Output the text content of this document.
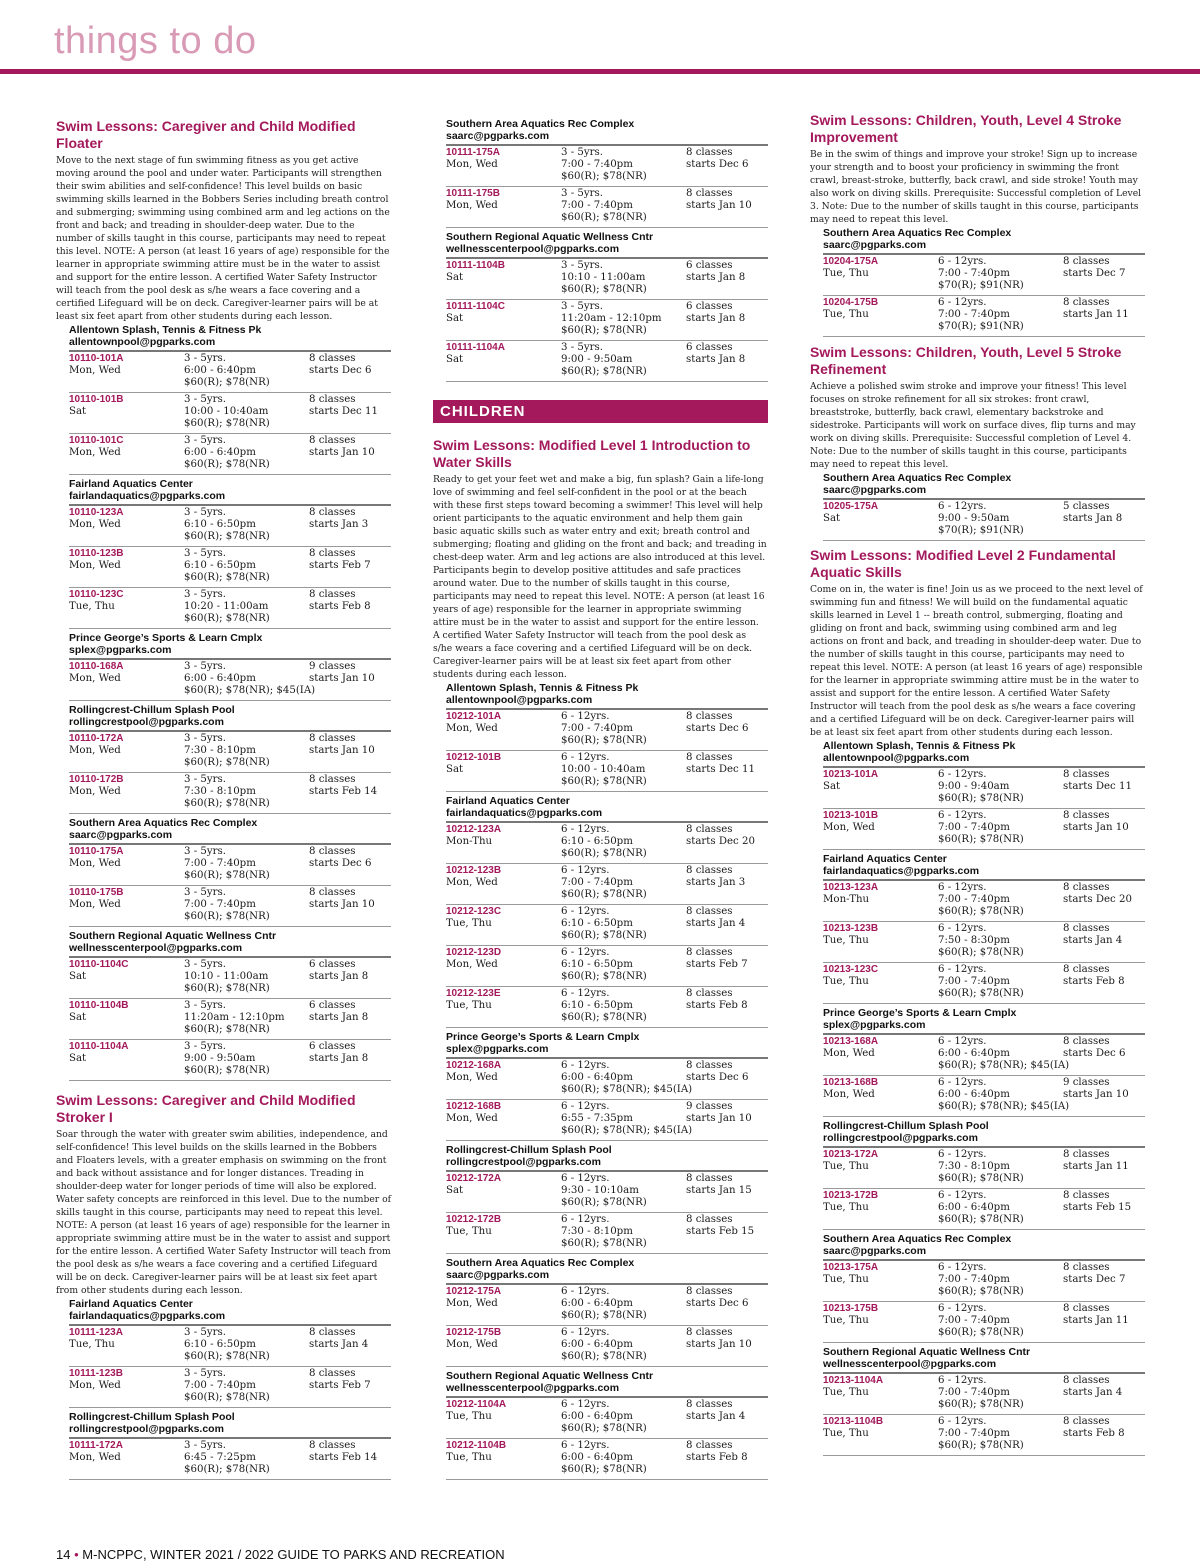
things to do
Swim Lessons: Caregiver and Child Modified Floater

Move to the next stage of fun swimming fitness as you get active moving around the pool and under water. Participants will strengthen their swim abilities and self-confidence! This level builds on basic swimming skills learned in the Bobbers Series including breath control and submerging; swimming using combined arm and leg actions on the front and back; and treading in shoulder-deep water. Due to the number of skills taught in this course, participants may need to repeat this level. NOTE: A person (at least 16 years of age) responsible for the learner in appropriate swimming attire must be in the water to assist and support for the entire lesson. A certified Water Safety Instructor will teach from the pool desk as s/he wears a face covering and a certified Lifeguard will be on deck. Caregiver-learner pairs will be at least six feet apart from other students during each lesson.

Allentown Splash, Tennis & Fitness Pk
allentownpool@pgparks.com
10110-101A
Mon, Wed
3 - 5yrs.
6:00 - 6:40pm
$60(R); $78(NR)
8 classes
starts Dec 6
10110-101B
Sat
3 - 5yrs.
10:00 - 10:40am
$60(R); $78(NR)
8 classes
starts Dec 11
10110-101C
Mon, Wed
3 - 5yrs.
6:00 - 6:40pm
$60(R); $78(NR)
8 classes
starts Jan 10
Fairland Aquatics Center
fairlandaquatics@pgparks.com
10110-123A
Mon, Wed
3 - 5yrs.
6:10 - 6:50pm
$60(R); $78(NR)
8 classes
starts Jan 3
10110-123B
Mon, Wed
3 - 5yrs.
6:10 - 6:50pm
$60(R); $78(NR)
8 classes
starts Feb 7
10110-123C
Tue, Thu
3 - 5yrs.
10:20 - 11:00am
$60(R); $78(NR)
8 classes
starts Feb 8
Prince George’s Sports & Learn Cmplx
splex@pgparks.com
10110-168A
Mon, Wed
3 - 5yrs.
6:00 - 6:40pm
$60(R); $78(NR); $45(IA)
9 classes
starts Jan 10
Rollingcrest-Chillum Splash Pool
rollingcrestpool@pgparks.com
10110-172A
Mon, Wed
3 - 5yrs.
7:30 - 8:10pm
$60(R); $78(NR)
8 classes
starts Jan 10
10110-172B
Mon, Wed
3 - 5yrs.
7:30 - 8:10pm
$60(R); $78(NR)
8 classes
starts Feb 14
Southern Area Aquatics Rec Complex
saarc@pgparks.com
10110-175A
Mon, Wed
3 - 5yrs.
7:00 - 7:40pm
$60(R); $78(NR)
8 classes
starts Dec 6
10110-175B
Mon, Wed
3 - 5yrs.
7:00 - 7:40pm
$60(R); $78(NR)
8 classes
starts Jan 10
Southern Regional Aquatic Wellness Cntr
wellnesscenterpool@pgparks.com
10110-1104C
Sat
3 - 5yrs.
10:10 - 11:00am
$60(R); $78(NR)
6 classes
starts Jan 8
10110-1104B
Sat
3 - 5yrs.
11:20am - 12:10pm
$60(R); $78(NR)
6 classes
starts Jan 8
10110-1104A
Sat
3 - 5yrs.
9:00 - 9:50am
$60(R); $78(NR)
6 classes
starts Jan 8
Swim Lessons: Caregiver and Child Modified Stroker I

Soar through the water with greater swim abilities, independence, and self-confidence! This level builds on the skills learned in the Bobbers and Floaters levels, with a greater emphasis on swimming on the front and back without assistance and for longer distances. Treading in shoulder-deep water for longer periods of time will also be explored. Water safety concepts are reinforced in this level. Due to the number of skills taught in this course, participants may need to repeat this level. NOTE: A person (at least 16 years of age) responsible for the learner in appropriate swimming attire must be in the water to assist and support for the entire lesson. A certified Water Safety Instructor will teach from the pool desk as s/he wears a face covering and a certified Lifeguard will be on deck. Caregiver-learner pairs will be at least six feet apart from other students during each lesson.

Fairland Aquatics Center
fairlandaquatics@pgparks.com
10111-123A
Tue, Thu
3 - 5yrs.
6:10 - 6:50pm
$60(R); $78(NR)
8 classes
starts Jan 4
10111-123B
Mon, Wed
3 - 5yrs.
7:00 - 7:40pm
$60(R); $78(NR)
8 classes
starts Feb 7
Rollingcrest-Chillum Splash Pool
rollingcrestpool@pgparks.com
10111-172A
Mon, Wed
3 - 5yrs.
6:45 - 7:25pm
$60(R); $78(NR)
8 classes
starts Feb 14
Southern Area Aquatics Rec Complex
saarc@pgparks.com
10111-175A
Mon, Wed
3 - 5yrs.
7:00 - 7:40pm
$60(R); $78(NR)
8 classes
starts Dec 6
10111-175B
Mon, Wed
3 - 5yrs.
7:00 - 7:40pm
$60(R); $78(NR)
8 classes
starts Jan 10
Southern Regional Aquatic Wellness Cntr
wellnesscenterpool@pgparks.com
10111-1104B
Sat
3 - 5yrs.
10:10 - 11:00am
$60(R); $78(NR)
6 classes
starts Jan 8
10111-1104C
Sat
3 - 5yrs.
11:20am - 12:10pm
$60(R); $78(NR)
6 classes
starts Jan 8
10111-1104A
Sat
3 - 5yrs.
9:00 - 9:50am
$60(R); $78(NR)
6 classes
starts Jan 8
Swim Lessons: Modified Level 1 Introduction to Water Skills

Ready to get your feet wet and make a big, fun splash? Gain a life-long love of swimming and feel self-confident in the pool or at the beach with these first steps toward becoming a swimmer! This level will help orient participants to the aquatic environment and help them gain basic aquatic skills such as water entry and exit; breath control and submerging; floating and gliding on the front and back; and treading in chest-deep water. Arm and leg actions are also introduced at this level. Participants begin to develop positive attitudes and safe practices around water. Due to the number of skills taught in this course, participants may need to repeat this level. NOTE: A person (at least 16 years of age) responsible for the learner in appropriate swimming attire must be in the water to assist and support for the entire lesson. A certified Water Safety Instructor will teach from the pool desk as s/he wears a face covering and a certified Lifeguard will be on deck. Caregiver-learner pairs will be at least six feet apart from other students during each lesson.

Allentown Splash, Tennis & Fitness Pk
allentownpool@pgparks.com
10212-101A
Mon, Wed
6 - 12yrs.
7:00 - 7:40pm
$60(R); $78(NR)
8 classes
starts Dec 6
10212-101B
Sat
6 - 12yrs.
10:00 - 10:40am
$60(R); $78(NR)
8 classes
starts Dec 11
Fairland Aquatics Center
fairlandaquatics@pgparks.com
10212-123A
Mon-Thu
6 - 12yrs.
6:10 - 6:50pm
$60(R); $78(NR)
8 classes
starts Dec 20
10212-123B
Mon, Wed
6 - 12yrs.
7:00 - 7:40pm
$60(R); $78(NR)
8 classes
starts Jan 3
10212-123C
Tue, Thu
6 - 12yrs.
6:10 - 6:50pm
$60(R); $78(NR)
8 classes
starts Jan 4
10212-123D
Mon, Wed
6 - 12yrs.
6:10 - 6:50pm
$60(R); $78(NR)
8 classes
starts Feb 7
10212-123E
Tue, Thu
6 - 12yrs.
6:10 - 6:50pm
$60(R); $78(NR)
8 classes
starts Feb 8
Prince George’s Sports & Learn Cmplx
splex@pgparks.com
10212-168A
Mon, Wed
6 - 12yrs.
6:00 - 6:40pm
$60(R); $78(NR); $45(IA)
8 classes
starts Dec 6
10212-168B
Mon, Wed
6 - 12yrs.
6:55 - 7:35pm
$60(R); $78(NR); $45(IA)
9 classes
starts Jan 10
Rollingcrest-Chillum Splash Pool
rollingcrestpool@pgparks.com
10212-172A
Sat
6 - 12yrs.
9:30 - 10:10am
$60(R); $78(NR)
8 classes
starts Jan 15
10212-172B
Tue, Thu
6 - 12yrs.
7:30 - 8:10pm
$60(R); $78(NR)
8 classes
starts Feb 15
Southern Area Aquatics Rec Complex
saarc@pgparks.com
10212-175A
Mon, Wed
6 - 12yrs.
6:00 - 6:40pm
$60(R); $78(NR)
8 classes
starts Dec 6
10212-175B
Mon, Wed
6 - 12yrs.
6:00 - 6:40pm
$60(R); $78(NR)
8 classes
starts Jan 10
Southern Regional Aquatic Wellness Cntr
wellnesscenterpool@pgparks.com
10212-1104A
Tue, Thu
6 - 12yrs.
6:00 - 6:40pm
$60(R); $78(NR)
8 classes
starts Jan 4
10212-1104B
Tue, Thu
6 - 12yrs.
6:00 - 6:40pm
$60(R); $78(NR)
8 classes
starts Feb 8
CHILDREN
Swim Lessons: Children, Youth, Level 4 Stroke Improvement

Be in the swim of things and improve your stroke! Sign up to increase your strength and to boost your proficiency in swimming the front crawl, breast-stroke, butterfly, back crawl, and side stroke! Youth may also work on diving skills. Prerequisite: Successful completion of Level 3. Note: Due to the number of skills taught in this course, participants may need to repeat this level.

Southern Area Aquatics Rec Complex
saarc@pgparks.com
10204-175A
Tue, Thu
6 - 12yrs.
7:00 - 7:40pm
$70(R); $91(NR)
8 classes
starts Dec 7
10204-175B
Tue, Thu
6 - 12yrs.
7:00 - 7:40pm
$70(R); $91(NR)
8 classes
starts Jan 11
Swim Lessons: Children, Youth, Level 5 Stroke Refinement

Achieve a polished swim stroke and improve your fitness! This level focuses on stroke refinement for all six strokes: front crawl, breaststroke, butterfly, back crawl, elementary backstroke and sidestroke. Participants will work on surface dives, flip turns and may work on diving skills. Prerequisite: Successful completion of Level 4. Note: Due to the number of skills taught in this course, participants may need to repeat this level.

Southern Area Aquatics Rec Complex
saarc@pgparks.com
10205-175A
Sat
6 - 12yrs.
9:00 - 9:50am
$70(R); $91(NR)
5 classes
starts Jan 8
Swim Lessons: Modified Level 2 Fundamental Aquatic Skills

Come on in, the water is fine! Join us as we proceed to the next level of swimming fun and fitness! We will build on the fundamental aquatic skills learned in Level 1 -- breath control, submerging, floating and gliding on front and back, swimming using combined arm and leg actions on front and back, and treading in shoulder-deep water. Due to the number of skills taught in this course, participants may need to repeat this level. NOTE: A person (at least 16 years of age) responsible for the learner in appropriate swimming attire must be in the water to assist and support for the entire lesson. A certified Water Safety Instructor will teach from the pool desk as s/he wears a face covering and a certified Lifeguard will be on deck. Caregiver-learner pairs will be at least six feet apart from other students during each lesson.

Allentown Splash, Tennis & Fitness Pk
allentownpool@pgparks.com
10213-101A
Sat
6 - 12yrs.
9:00 - 9:40am
$60(R); $78(NR)
8 classes
starts Dec 11
10213-101B
Mon, Wed
6 - 12yrs.
7:00 - 7:40pm
$60(R); $78(NR)
8 classes
starts Jan 10
Fairland Aquatics Center
fairlandaquatics@pgparks.com
10213-123A
Mon-Thu
6 - 12yrs.
7:00 - 7:40pm
$60(R); $78(NR)
8 classes
starts Dec 20
10213-123B
Tue, Thu
6 - 12yrs.
7:50 - 8:30pm
$60(R); $78(NR)
8 classes
starts Jan 4
10213-123C
Tue, Thu
6 - 12yrs.
7:00 - 7:40pm
$60(R); $78(NR)
8 classes
starts Feb 8
Prince George’s Sports & Learn Cmplx
splex@pgparks.com
10213-168A
Mon, Wed
6 - 12yrs.
6:00 - 6:40pm
$60(R); $78(NR); $45(IA)
8 classes
starts Dec 6
10213-168B
Mon, Wed
6 - 12yrs.
6:00 - 6:40pm
$60(R); $78(NR); $45(IA)
9 classes
starts Jan 10
Rollingcrest-Chillum Splash Pool
rollingcrestpool@pgparks.com
10213-172A
Tue, Thu
6 - 12yrs.
7:30 - 8:10pm
$60(R); $78(NR)
8 classes
starts Jan 11
10213-172B
Tue, Thu
6 - 12yrs.
6:00 - 6:40pm
$60(R); $78(NR)
8 classes
starts Feb 15
Southern Area Aquatics Rec Complex
saarc@pgparks.com
10213-175A
Tue, Thu
6 - 12yrs.
7:00 - 7:40pm
$60(R); $78(NR)
8 classes
starts Dec 7
10213-175B
Tue, Thu
6 - 12yrs.
7:00 - 7:40pm
$60(R); $78(NR)
8 classes
starts Jan 11
Southern Regional Aquatic Wellness Cntr
wellnesscenterpool@pgparks.com
10213-1104A
Tue, Thu
6 - 12yrs.
7:00 - 7:40pm
$60(R); $78(NR)
8 classes
starts Jan 4
10213-1104B
Tue, Thu
6 - 12yrs.
7:00 - 7:40pm
$60(R); $78(NR)
8 classes
starts Feb 8
14 • M-NCPPC, WINTER 2021 / 2022 GUIDE TO PARKS AND RECREATION
